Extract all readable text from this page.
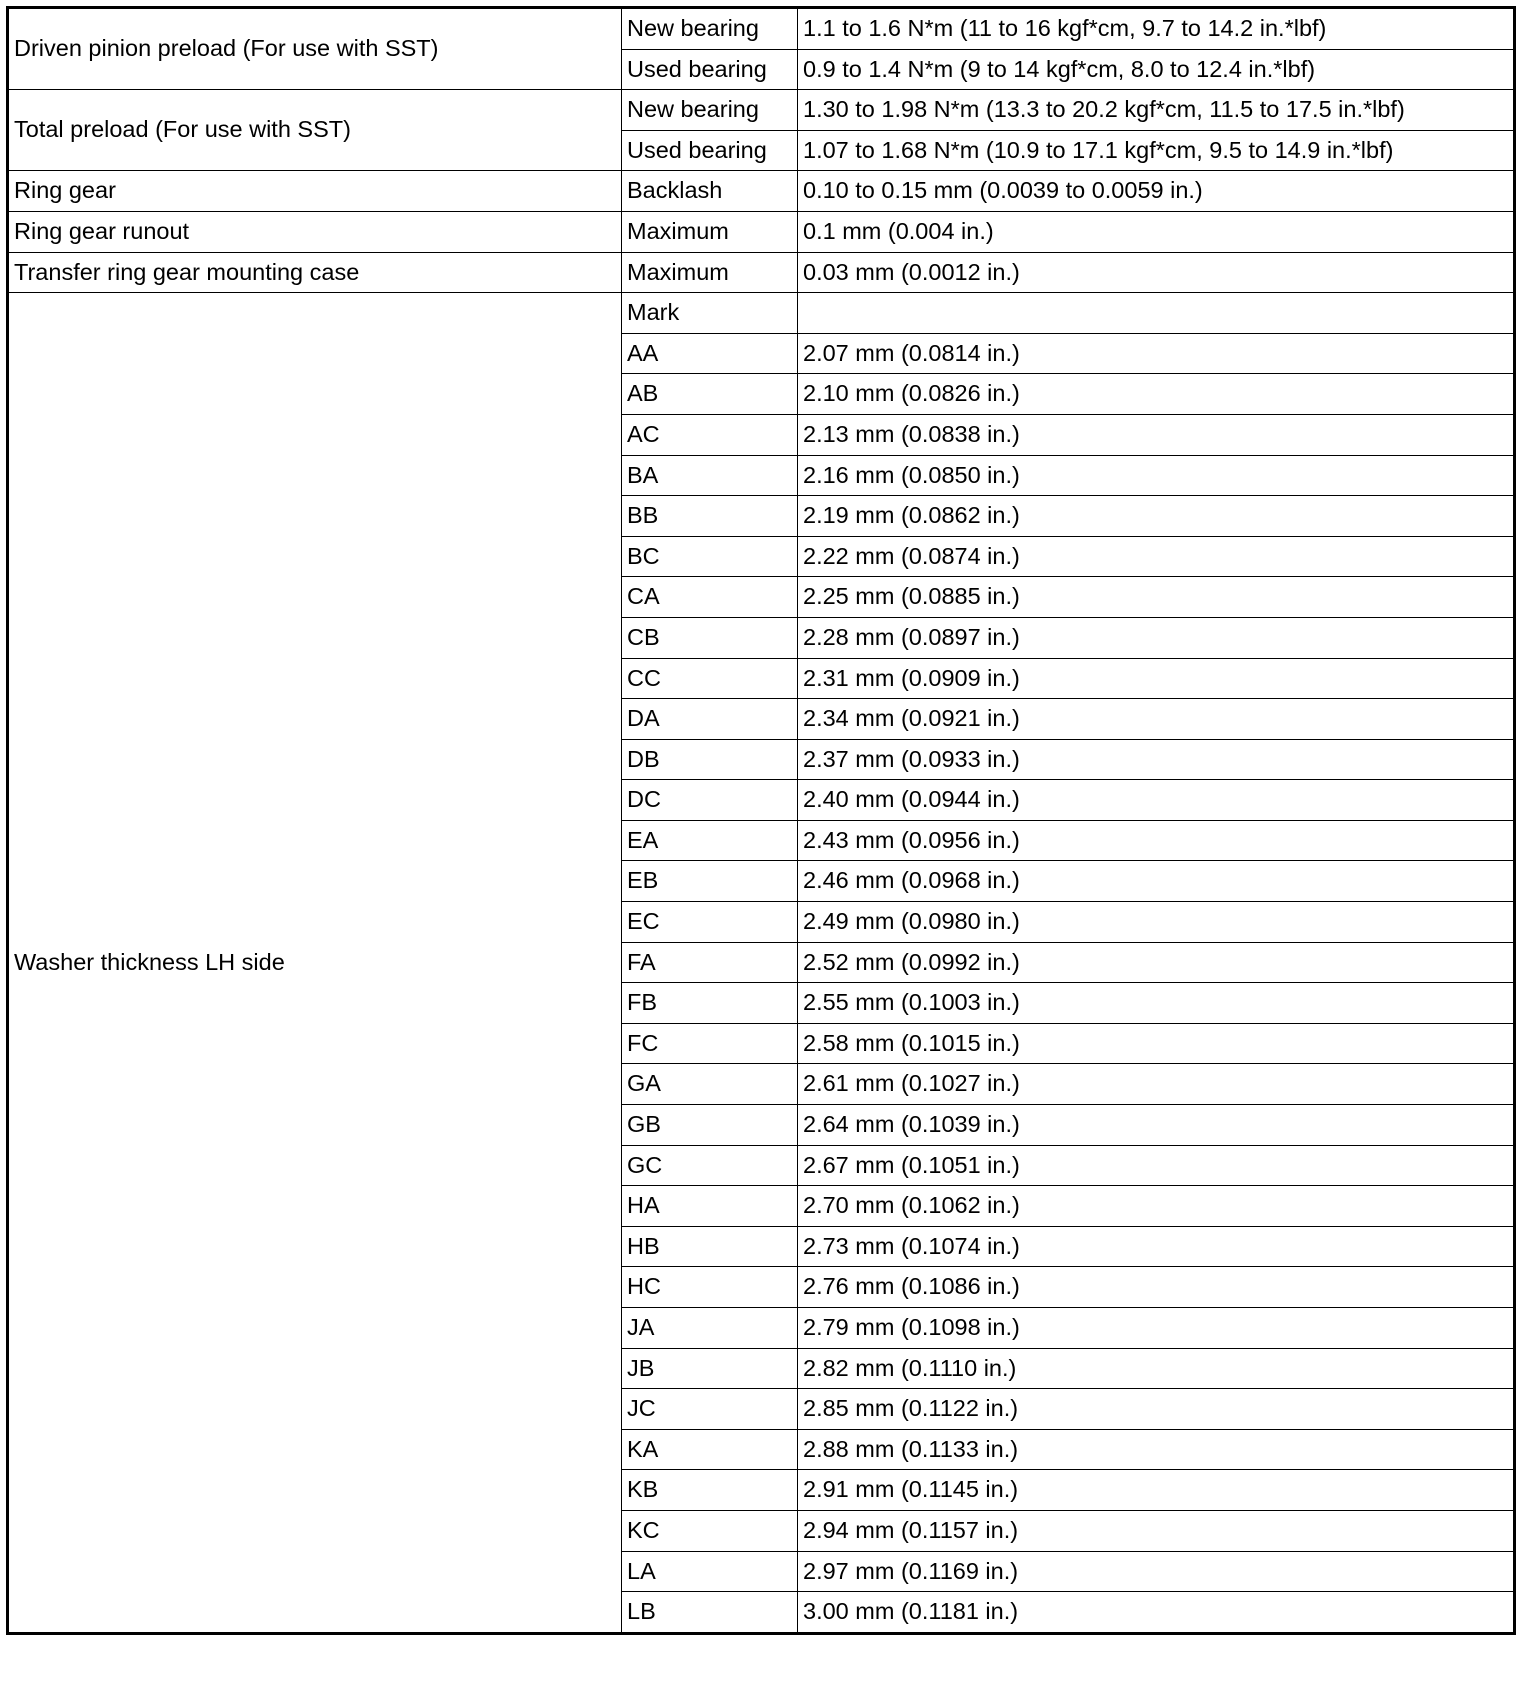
Driven pinion preload (For use with SST)	New bearing	1.1 to 1.6 N*m (11 to 16 kgf*cm, 9.7 to 14.2 in.*lbf)
	Used bearing	0.9 to 1.4 N*m (9 to 14 kgf*cm, 8.0 to 12.4 in.*lbf)
Total preload (For use with SST)	New bearing	1.30 to 1.98 N*m (13.3 to 20.2 kgf*cm, 11.5 to 17.5 in.*lbf)
	Used bearing	1.07 to 1.68 N*m (10.9 to 17.1 kgf*cm, 9.5 to 14.9 in.*lbf)
Ring gear	Backlash	0.10 to 0.15 mm (0.0039 to 0.0059 in.)
Ring gear runout	Maximum	0.1 mm (0.004 in.)
Transfer ring gear mounting case	Maximum	0.03 mm (0.0012 in.)
Washer thickness LH side	Mark	
	AA	2.07 mm (0.0814 in.)
	AB	2.10 mm (0.0826 in.)
	AC	2.13 mm (0.0838 in.)
	BA	2.16 mm (0.0850 in.)
	BB	2.19 mm (0.0862 in.)
	BC	2.22 mm (0.0874 in.)
	CA	2.25 mm (0.0885 in.)
	CB	2.28 mm (0.0897 in.)
	CC	2.31 mm (0.0909 in.)
	DA	2.34 mm (0.0921 in.)
	DB	2.37 mm (0.0933 in.)
	DC	2.40 mm (0.0944 in.)
	EA	2.43 mm (0.0956 in.)
	EB	2.46 mm (0.0968 in.)
	EC	2.49 mm (0.0980 in.)
	FA	2.52 mm (0.0992 in.)
	FB	2.55 mm (0.1003 in.)
	FC	2.58 mm (0.1015 in.)
	GA	2.61 mm (0.1027 in.)
	GB	2.64 mm (0.1039 in.)
	GC	2.67 mm (0.1051 in.)
	HA	2.70 mm (0.1062 in.)
	HB	2.73 mm (0.1074 in.)
	HC	2.76 mm (0.1086 in.)
	JA	2.79 mm (0.1098 in.)
	JB	2.82 mm (0.1110 in.)
	JC	2.85 mm (0.1122 in.)
	KA	2.88 mm (0.1133 in.)
	KB	2.91 mm (0.1145 in.)
	KC	2.94 mm (0.1157 in.)
	LA	2.97 mm (0.1169 in.)
	LB	3.00 mm (0.1181 in.)
